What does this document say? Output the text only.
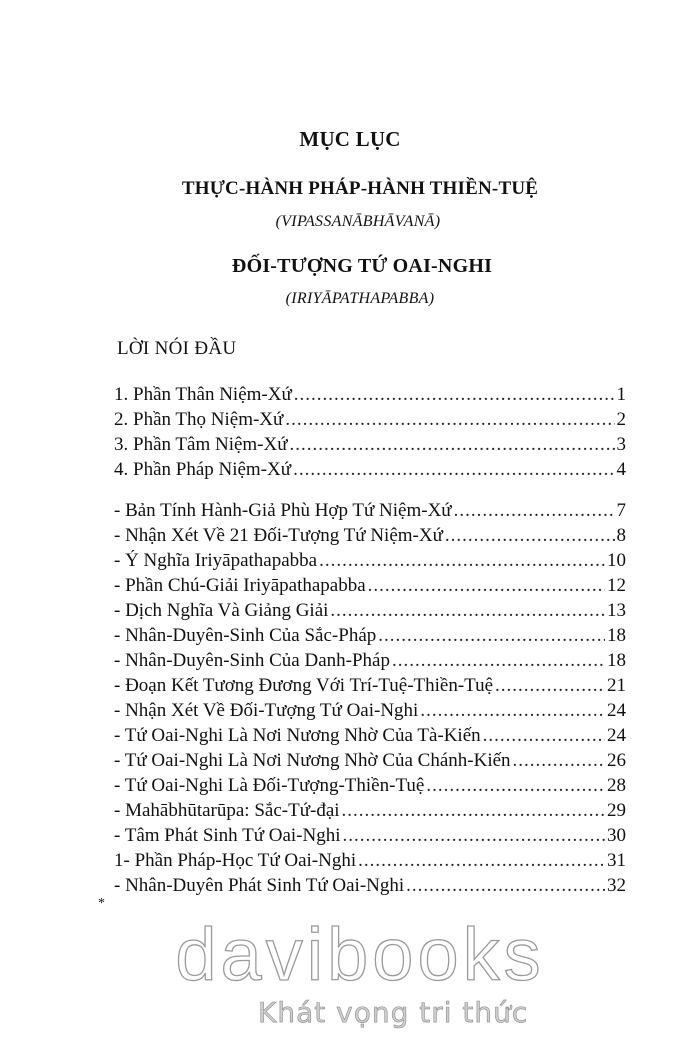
MỤC LỤC
THỰC-HÀNH PHÁP-HÀNH THIỀN-TUỆ
(VIPASSANĀBHĀVANĀ)
ĐỐI-TƯỢNG TỨ OAI-NGHI
(IRIYĀPATHAPABBA)
LỜI NÓI ĐẦU
1. Phần Thân Niệm-Xứ .....	1
2. Phần Thọ Niệm-Xứ .....	2
3. Phần Tâm Niệm-Xứ .....	3
4. Phần Pháp Niệm-Xứ .....	4
- Bản Tính Hành-Giả Phù Hợp Tứ Niệm-Xứ .....	7
- Nhận Xét Về 21 Đối-Tượng Tứ Niệm-Xứ .....	8
- Ý Nghĩa Iriyāpathapabba .....	10
- Phần Chú-Giải Iriyāpathapabba .....	12
- Dịch Nghĩa Và Giảng Giải .....	13
- Nhân-Duyên-Sinh Của Sắc-Pháp .....	18
- Nhân-Duyên-Sinh Của Danh-Pháp .....	18
- Đoạn Kết Tương Đương Với Trí-Tuệ-Thiền-Tuệ .....	21
- Nhận Xét Về Đối-Tượng Tứ Oai-Nghi .....	24
- Tứ Oai-Nghi Là Nơi Nương Nhờ Của Tà-Kiến .....	24
- Tứ Oai-Nghi Là Nơi Nương Nhờ Của Chánh-Kiến .....	26
- Tứ Oai-Nghi Là Đối-Tượng-Thiền-Tuệ .....	28
- Mahābhūtarūpa: Sắc-Tứ-đại .....	29
- Tâm Phát Sinh Tứ Oai-Nghi .....	30
1- Phần Pháp-Học Tứ Oai-Nghi .....	31
- Nhân-Duyên Phát Sinh Tứ Oai-Nghi .....	32
*
davibooks
Khát vọng tri thức
